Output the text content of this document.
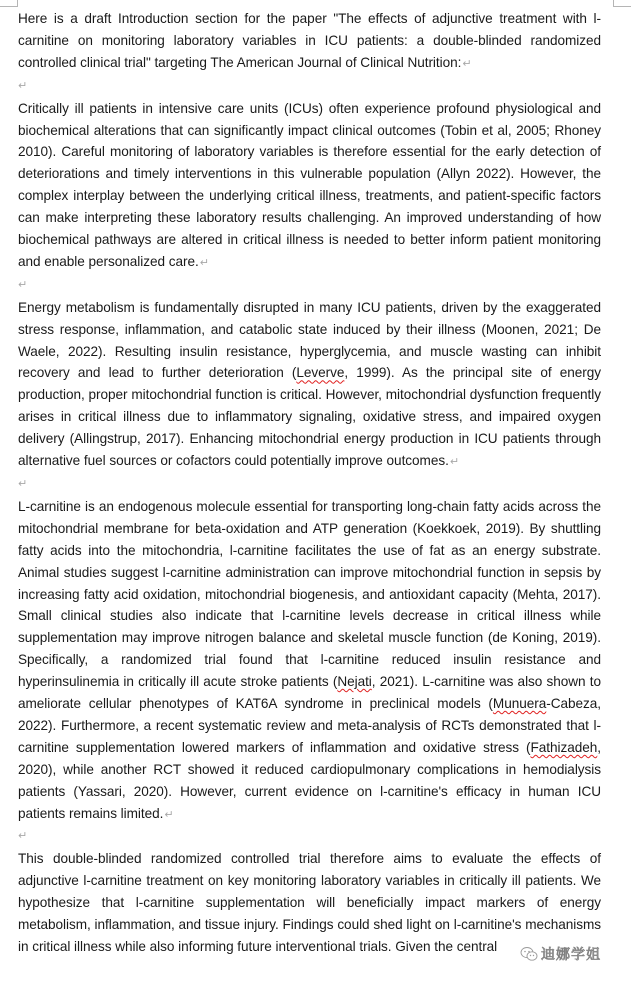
Here is a draft Introduction section for the paper "The effects of adjunctive treatment with l-carnitine on monitoring laboratory variables in ICU patients: a double-blinded randomized controlled clinical trial" targeting The American Journal of Clinical Nutrition:↵

↵

Critically ill patients in intensive care units (ICUs) often experience profound physiological and biochemical alterations that can significantly impact clinical outcomes (Tobin et al, 2005; Rhoney 2010). Careful monitoring of laboratory variables is therefore essential for the early detection of deteriorations and timely interventions in this vulnerable population (Allyn 2022). However, the complex interplay between the underlying critical illness, treatments, and patient-specific factors can make interpreting these laboratory results challenging. An improved understanding of how biochemical pathways are altered in critical illness is needed to better inform patient monitoring and enable personalized care.↵

↵

Energy metabolism is fundamentally disrupted in many ICU patients, driven by the exaggerated stress response, inflammation, and catabolic state induced by their illness (Moonen, 2021; De Waele, 2022). Resulting insulin resistance, hyperglycemia, and muscle wasting can inhibit recovery and lead to further deterioration (Leverve, 1999). As the principal site of energy production, proper mitochondrial function is critical. However, mitochondrial dysfunction frequently arises in critical illness due to inflammatory signaling, oxidative stress, and impaired oxygen delivery (Allingstrup, 2017). Enhancing mitochondrial energy production in ICU patients through alternative fuel sources or cofactors could potentially improve outcomes.↵

↵

L-carnitine is an endogenous molecule essential for transporting long-chain fatty acids across the mitochondrial membrane for beta-oxidation and ATP generation (Koekkoek, 2019). By shuttling fatty acids into the mitochondria, l-carnitine facilitates the use of fat as an energy substrate. Animal studies suggest l-carnitine administration can improve mitochondrial function in sepsis by increasing fatty acid oxidation, mitochondrial biogenesis, and antioxidant capacity (Mehta, 2017). Small clinical studies also indicate that l-carnitine levels decrease in critical illness while supplementation may improve nitrogen balance and skeletal muscle function (de Koning, 2019). Specifically, a randomized trial found that l-carnitine reduced insulin resistance and hyperinsulinemia in critically ill acute stroke patients (Nejati, 2021). L-carnitine was also shown to ameliorate cellular phenotypes of KAT6A syndrome in preclinical models (Munuera-Cabeza, 2022). Furthermore, a recent systematic review and meta-analysis of RCTs demonstrated that l-carnitine supplementation lowered markers of inflammation and oxidative stress (Fathizadeh, 2020), while another RCT showed it reduced cardiopulmonary complications in hemodialysis patients (Yassari, 2020). However, current evidence on l-carnitine's efficacy in human ICU patients remains limited.↵

↵

This double-blinded randomized controlled trial therefore aims to evaluate the effects of adjunctive l-carnitine treatment on key monitoring laboratory variables in critically ill patients. We hypothesize that l-carnitine supplementation will beneficially impact markers of energy metabolism, inflammation, and tissue injury. Findings could shed light on l-carnitine's mechanisms in critical illness while also informing future interventional trials. Given the central

迪娜学姐
